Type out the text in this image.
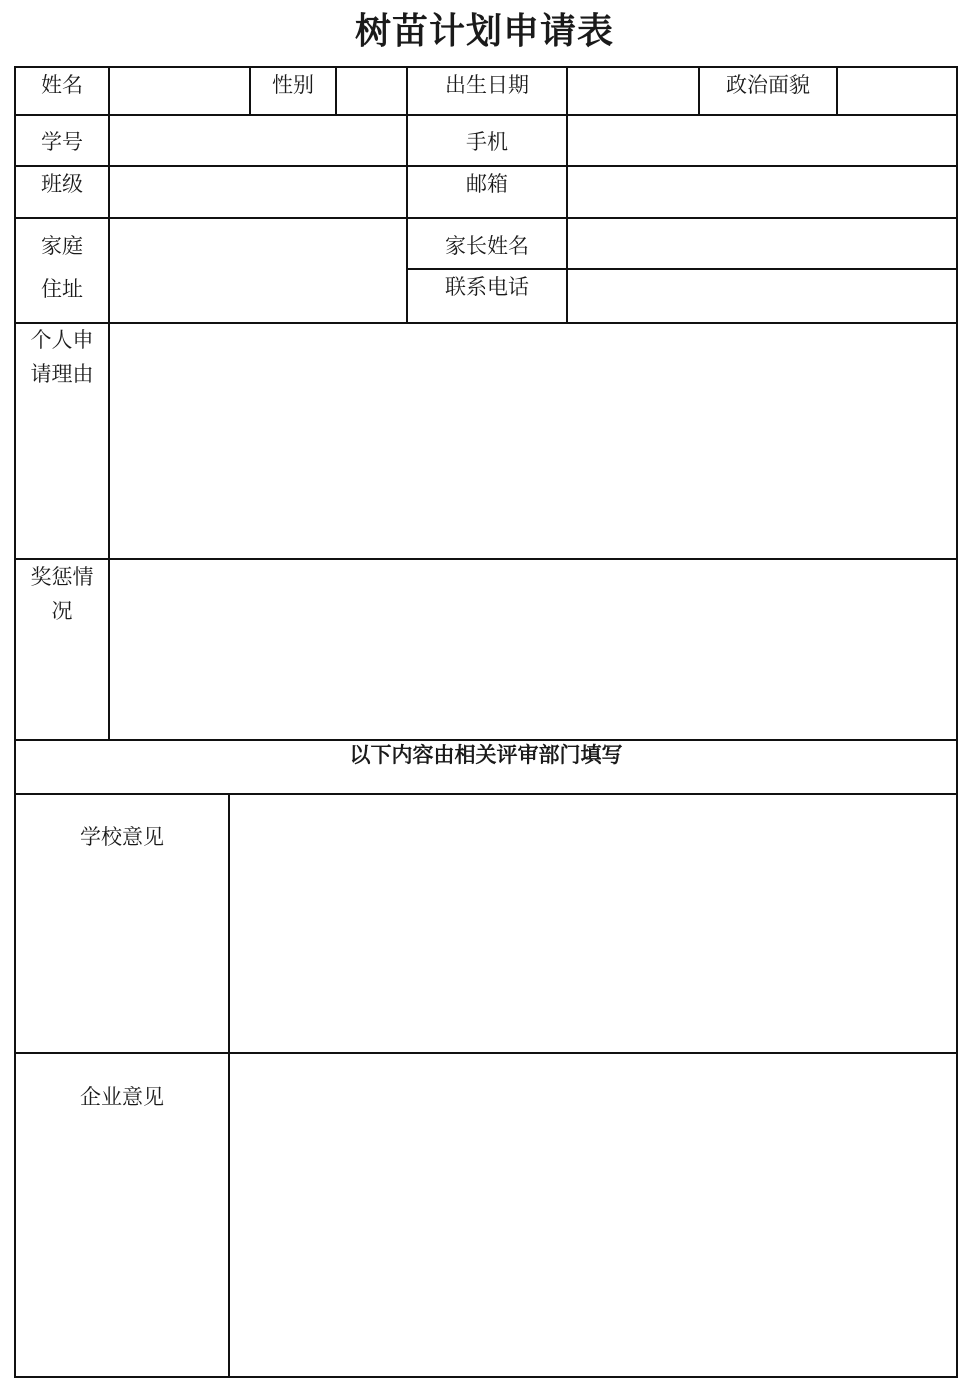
树苗计划申请表
姓名	性别	出生日期	政治面貌
学号	手机
班级	邮箱
家庭
住址
家长姓名
联系电话
个人申
请理由
奖惩情
况
以下内容由相关评审部门填写
学校意见
企业意见
